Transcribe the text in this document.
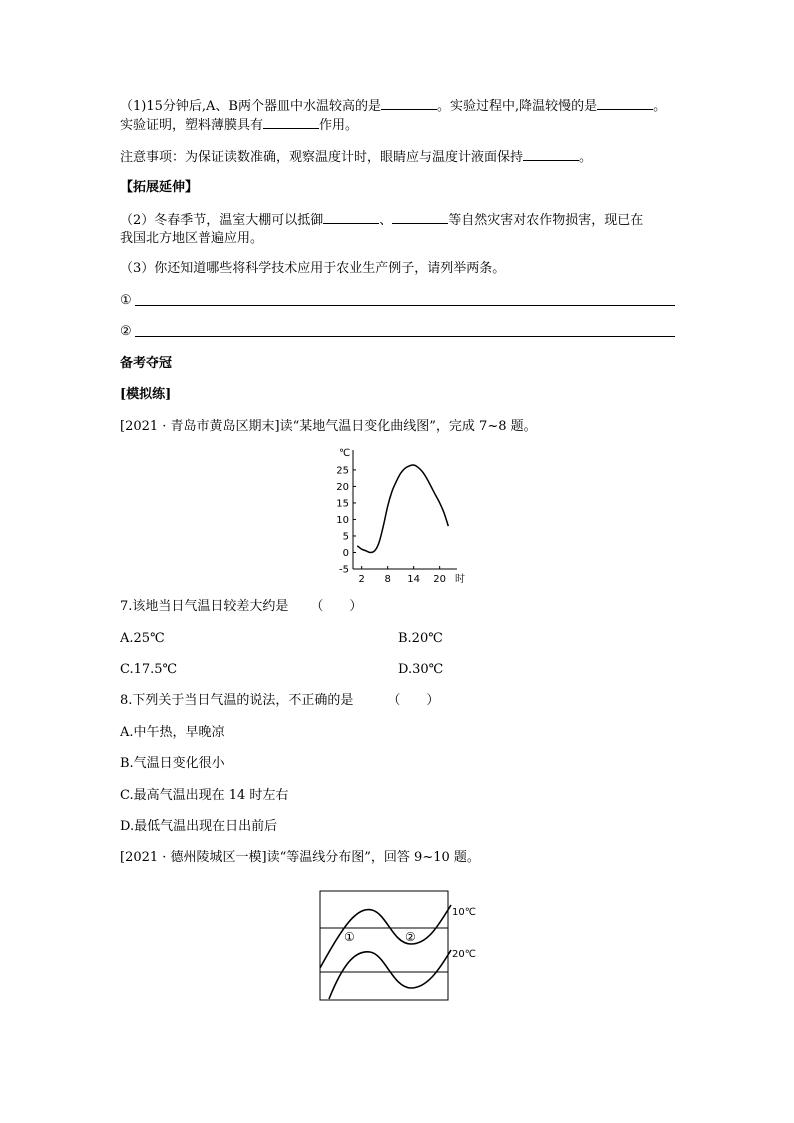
（1)15分钟后,A、B两个器皿中水温较高的是	。实验过程中,降温较慢的是	。
实验证明，塑料薄膜具有	作用。
注意事项：为保证读数准确，观察温度计时，眼睛应与温度计液面保持	。
【拓展延伸】
（2）冬春季节，温室大棚可以抵御	、	等自然灾害对农作物损害，现已在
我国北方地区普遍应用。
（3）你还知道哪些将科学技术应用于农业生产例子，请列举两条。
①
②
备考夺冠
[模拟练]
[2021 · 青岛市黄岛区期末]读“某地气温日变化曲线图”，完成 7~8 题。
℃
时
25
20
15
10
5
0
-5
2 8 14 20
7.该地当日气温日较差大约是 （　　）
A.25℃	B.20℃
C.17.5℃	D.30℃
8.下列关于当日气温的说法，不正确的是	（　　）
A.中午热，早晚凉
B.气温日变化很小
C.最高气温出现在 14 时左右
D.最低气温出现在日出前后
[2021 · 德州陵城区一模]读“等温线分布图”，回答 9~10 题。
10℃
20℃
①	②
